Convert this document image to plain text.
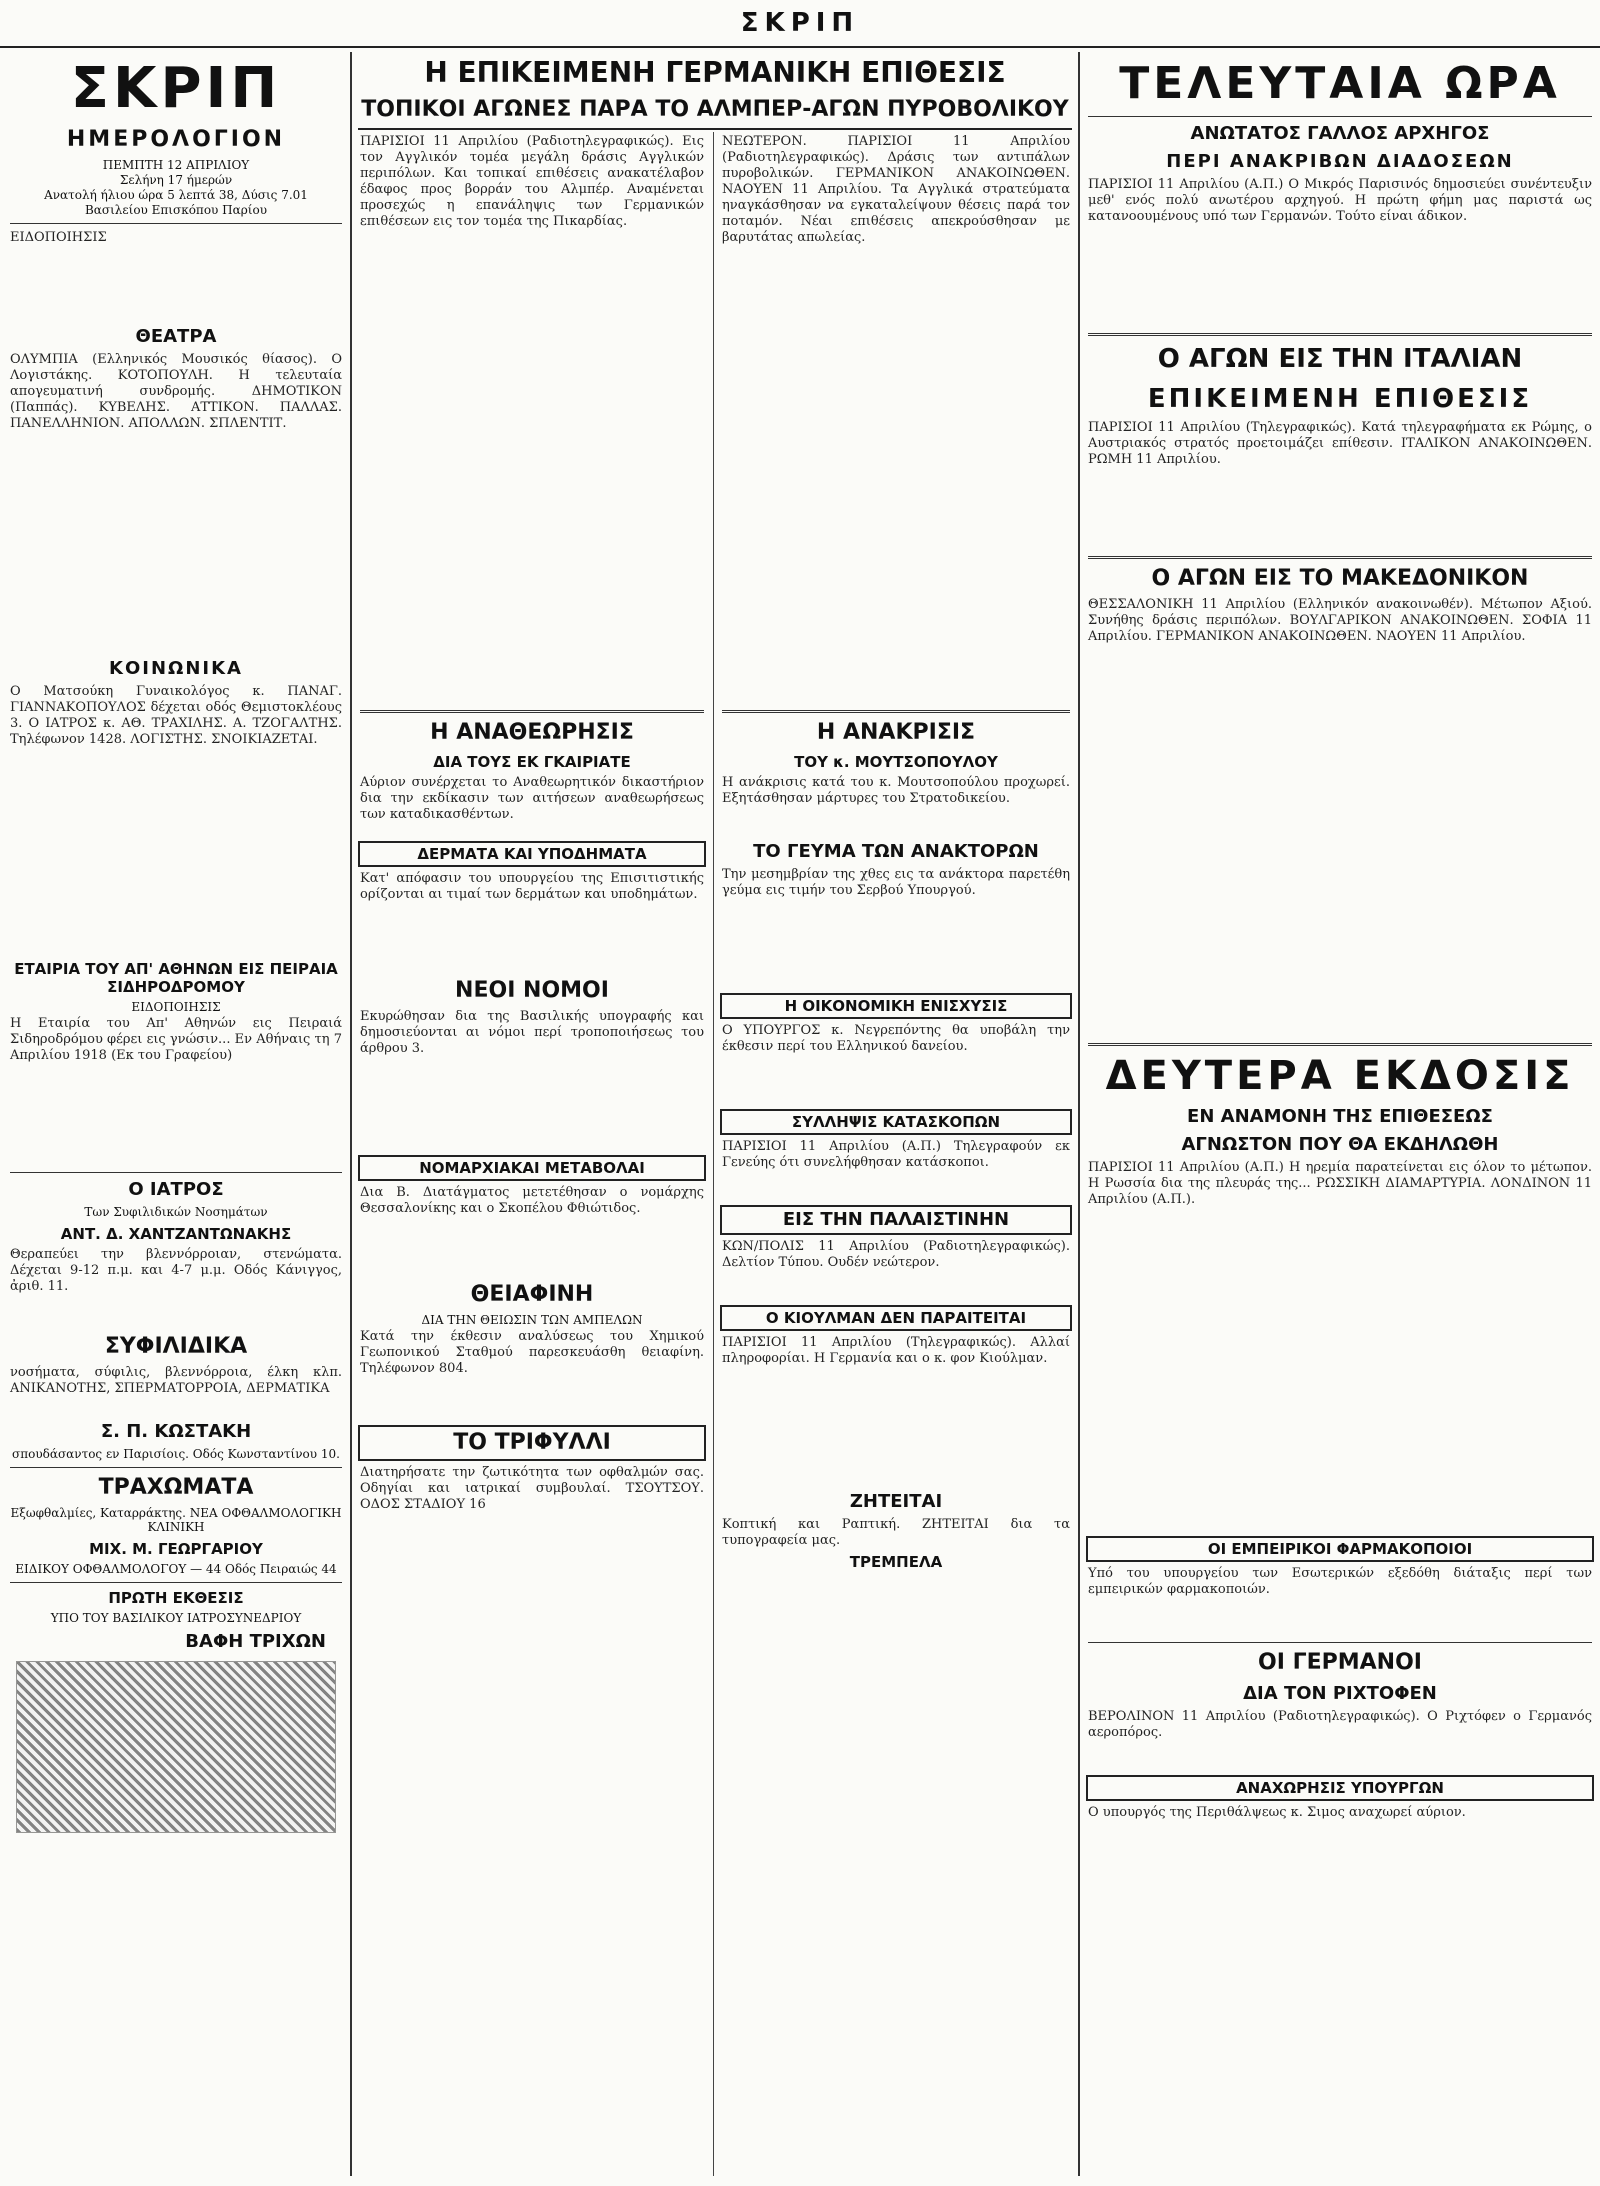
ΣΚΡΙΠ
ΣΚΡΙΠ
ΗΜΕΡΟΛΟΓΙΟΝ
ΠΕΜΠΤΗ 12 ΑΠΡΙΛΙΟΥ
Σελήνη 17 ήμερών
Ανατολή ήλιου ώρα 5 λεπτά 38, Δύσις 7.01
Βασιλείου Επισκόπου Παρίου
ΕΙΔΟΠΟΙΗΣΙΣ
ΘΕΑΤΡΑ
ΟΛΥΜΠΙΑ (Ελληνικός Μουσικός θίασος). Ο Λογιστάκης. ΚΟΤΟΠΟΥΛΗ. Η τελευταία απογευματινή συνδρομής. ΔΗΜΟΤΙΚΟΝ (Παππάς). ΚΥΒΕΛΗΣ. ΑΤΤΙΚΟΝ. ΠΑΛΛΑΣ. ΠΑΝΕΛΛΗΝΙΟΝ. ΑΠΟΛΛΩΝ. ΣΠΛΕΝΤΙΤ.
ΚΟΙΝΩΝΙΚΑ
Ο Ματσούκη Γυναικολόγος κ. ΠΑΝΑΓ. ΓΙΑΝΝΑΚΟΠΟΥΛΟΣ δέχεται οδός Θεμιστοκλέους 3. Ο ΙΑΤΡΟΣ κ. ΑΘ. ΤΡΑΧΙΛΗΣ. Α. ΤΖΟΓΑΛΤΗΣ. Τηλέφωνον 1428. ΛΟΓΙΣΤΗΣ. ΣΝΟΙΚΙΑΖΕΤΑΙ.
ΕΤΑΙΡΙΑ ΤΟΥ ΑΠ' ΑΘΗΝΩΝ ΕΙΣ ΠΕΙΡΑΙΑ ΣΙΔΗΡΟΔΡΟΜΟΥ
ΕΙΔΟΠΟΙΗΣΙΣ
Η Εταιρία του Απ' Αθηνών εις Πειραιά Σιδηροδρόμου φέρει εις γνώσιν... Εν Αθήναις τη 7 Απριλίου 1918 (Εκ του Γραφείου)
Ο ΙΑΤΡΟΣ
Των Συφιλιδικών Νοσημάτων
ΑΝΤ. Δ. ΧΑΝΤΖΑΝΤΩΝΑΚΗΣ
Θεραπεύει την βλεννόρροιαν, στενώματα. Δέχεται 9-12 π.μ. και 4-7 μ.μ. Οδός Κάνιγγος, ἀριθ. 11.
ΣΥΦΙΛΙΔΙΚΑ
νοσήματα, σύφιλις, βλεννόρροια, έλκη κλπ. ΑΝΙΚΑΝΟΤΗΣ, ΣΠΕΡΜΑΤΟΡΡΟΙΑ, ΔΕΡΜΑΤΙΚΑ
Σ. Π. ΚΩΣΤΑΚΗ
σπουδάσαντος εν Παρισίοις. Οδός Κωνσταντίνου 10.
ΤΡΑΧΩΜΑΤΑ
Εξωφθαλμίες, Καταρράκτης. ΝΕΑ ΟΦΘΑΛΜΟΛΟΓΙΚΗ ΚΛΙΝΙΚΗ
ΜΙΧ. Μ. ΓΕΩΡΓΑΡΙΟΥ
ΕΙΔΙΚΟΥ ΟΦΘΑΛΜΟΛΟΓΟΥ — 44 Οδός Πειραιώς 44
ΠΡΩΤΗ ΕΚΘΕΣΙΣ
ΥΠΟ ΤΟΥ ΒΑΣΙΛΙΚΟΥ ΙΑΤΡΟΣΥΝΕΔΡΙΟΥ
ΒΑΦΗ ΤΡΙΧΩΝ
Η ΕΠΙΚΕΙΜΕΝΗ ΓΕΡΜΑΝΙΚΗ ΕΠΙΘΕΣΙΣ
ΤΟΠΙΚΟΙ ΑΓΩΝΕΣ ΠΑΡΑ ΤΟ ΑΛΜΠΕΡ-ΑΓΩΝ ΠΥΡΟΒΟΛΙΚΟΥ
ΠΑΡΙΣΙΟΙ 11 Απριλίου (Ραδιοτηλεγραφικώς). Εις τον Αγγλικόν τομέα μεγάλη δράσις Αγγλικών περιπόλων. Και τοπικαί επιθέσεις ανακατέλαβον έδαφος προς βορράν του Αλμπέρ. Αναμένεται προσεχώς η επανάληψις των Γερμανικών επιθέσεων εις τον τομέα της Πικαρδίας.
Η ΑΝΑΘΕΩΡΗΣΙΣ
ΔΙΑ ΤΟΥΣ ΕΚ ΓΚΑΙΡΙΑΤΕ
Αύριον συνέρχεται το Αναθεωρητικόν δικαστήριον δια την εκδίκασιν των αιτήσεων αναθεωρήσεως των καταδικασθέντων.
ΔΕΡΜΑΤΑ ΚΑΙ ΥΠΟΔΗΜΑΤΑ
Κατ' απόφασιν του υπουργείου της Επισιτιστικής ορίζονται αι τιμαί των δερμάτων και υποδημάτων.
ΝΕΟΙ ΝΟΜΟΙ
Εκυρώθησαν δια της Βασιλικής υπογραφής και δημοσιεύονται αι νόμοι περί τροποποιήσεως του άρθρου 3.
ΝΟΜΑΡΧΙΑΚΑΙ ΜΕΤΑΒΟΛΑΙ
Δια Β. Διατάγματος μετετέθησαν ο νομάρχης Θεσσαλονίκης και ο Σκοπέλου Φθιώτιδος.
ΘΕΙΑΦΙΝΗ
ΔΙΑ ΤΗΝ ΘΕΙΩΣΙΝ ΤΩΝ ΑΜΠΕΛΩΝ
Κατά την έκθεσιν αναλύσεως του Χημικού Γεωπονικού Σταθμού παρεσκευάσθη θειαφίνη. Τηλέφωνον 804.
ΤΟ ΤΡΙΦΥΛΛΙ
Διατηρήσατε την ζωτικότητα των οφθαλμών σας. Οδηγίαι και ιατρικαί συμβουλαί. ΤΣΟΥΤΣΟΥ. ΟΔΟΣ ΣΤΑΔΙΟΥ 16
ΝΕΩΤΕΡΟΝ. ΠΑΡΙΣΙΟΙ 11 Απριλίου (Ραδιοτηλεγραφικώς). Δράσις των αντιπάλων πυροβολικών. ΓΕΡΜΑΝΙΚΟΝ ΑΝΑΚΟΙΝΩΘΕΝ. ΝΑΟΥΕΝ 11 Απριλίου. Τα Αγγλικά στρατεύματα ηναγκάσθησαν να εγκαταλείψουν θέσεις παρά τον ποταμόν. Νέαι επιθέσεις απεκρούσθησαν με βαρυτάτας απωλείας.
Η ΑΝΑΚΡΙΣΙΣ
ΤΟΥ κ. ΜΟΥΤΣΟΠΟΥΛΟΥ
Η ανάκρισις κατά του κ. Μουτσοπούλου προχωρεί. Εξητάσθησαν μάρτυρες του Στρατοδικείου.
ΤΟ ΓΕΥΜΑ ΤΩΝ ΑΝΑΚΤΟΡΩΝ
Την μεσημβρίαν της χθες εις τα ανάκτορα παρετέθη γεύμα εις τιμήν του Σερβού Υπουργού.
Η ΟΙΚΟΝΟΜΙΚΗ ΕΝΙΣΧΥΣΙΣ
Ο ΥΠΟΥΡΓΟΣ κ. Νεγρεπόντης θα υποβάλη την έκθεσιν περί του Ελληνικού δανείου.
ΣΥΛΛΗΨΙΣ ΚΑΤΑΣΚΟΠΩΝ
ΠΑΡΙΣΙΟΙ 11 Απριλίου (Α.Π.) Τηλεγραφούν εκ Γενεύης ότι συνελήφθησαν κατάσκοποι.
ΕΙΣ ΤΗΝ ΠΑΛΑΙΣΤΙΝΗΝ
ΚΩΝ/ΠΟΛΙΣ 11 Απριλίου (Ραδιοτηλεγραφικώς). Δελτίον Τύπου. Ουδέν νεώτερον.
Ο ΚΙΟΥΛΜΑΝ ΔΕΝ ΠΑΡΑΙΤΕΙΤΑΙ
ΠΑΡΙΣΙΟΙ 11 Απριλίου (Τηλεγραφικώς). Αλλαί πληροφορίαι. Η Γερμανία και ο κ. φον Κιούλμαν.
ΖΗΤΕΙΤΑΙ
Κοπτική και Ραπτική. ΖΗΤΕΙΤΑΙ δια τα τυπογραφεία μας.
ΤΡΕΜΠΕΛΑ
ΤΕΛΕΥΤΑΙΑ ΩΡΑ
ΑΝΩΤΑΤΟΣ ΓΑΛΛΟΣ ΑΡΧΗΓΟΣ
ΠΕΡΙ ΑΝΑΚΡΙΒΩΝ ΔΙΑΔΟΣΕΩΝ
ΠΑΡΙΣΙΟΙ 11 Απριλίου (Α.Π.) Ο Μικρός Παρισινός δημοσιεύει συνέντευξιν μεθ' ενός πολύ ανωτέρου αρχηγού. Η πρώτη φήμη μας παριστά ως κατανοουμένους υπό των Γερμανών. Τούτο είναι άδικον.
Ο ΑΓΩΝ ΕΙΣ ΤΗΝ ΙΤΑΛΙΑΝ
ΕΠΙΚΕΙΜΕΝΗ ΕΠΙΘΕΣΙΣ
ΠΑΡΙΣΙΟΙ 11 Απριλίου (Τηλεγραφικώς). Κατά τηλεγραφήματα εκ Ρώμης, ο Αυστριακός στρατός προετοιμάζει επίθεσιν. ΙΤΑΛΙΚΟΝ ΑΝΑΚΟΙΝΩΘΕΝ. ΡΩΜΗ 11 Απριλίου.
Ο ΑΓΩΝ ΕΙΣ ΤΟ ΜΑΚΕΔΟΝΙΚΟΝ
ΘΕΣΣΑΛΟΝΙΚΗ 11 Απριλίου (Ελληνικόν ανακοινωθέν). Μέτωπον Αξιού. Συνήθης δράσις περιπόλων. ΒΟΥΛΓΑΡΙΚΟΝ ΑΝΑΚΟΙΝΩΘΕΝ. ΣΟΦΙΑ 11 Απριλίου. ΓΕΡΜΑΝΙΚΟΝ ΑΝΑΚΟΙΝΩΘΕΝ. ΝΑΟΥΕΝ 11 Απριλίου.
ΔΕΥΤΕΡΑ ΕΚΔΟΣΙΣ
ΕΝ ΑΝΑΜΟΝΗ ΤΗΣ ΕΠΙΘΕΣΕΩΣ
ΑΓΝΩΣΤΟΝ ΠΟΥ ΘΑ ΕΚΔΗΛΩΘΗ
ΠΑΡΙΣΙΟΙ 11 Απριλίου (Α.Π.) Η ηρεμία παρατείνεται εις όλον το μέτωπον. Η Ρωσσία δια της πλευράς της... ΡΩΣΣΙΚΗ ΔΙΑΜΑΡΤΥΡΙΑ. ΛΟΝΔΙΝΟΝ 11 Απριλίου (Α.Π.).
ΟΙ ΕΜΠΕΙΡΙΚΟΙ ΦΑΡΜΑΚΟΠΟΙΟΙ
Υπό του υπουργείου των Εσωτερικών εξεδόθη διάταξις περί των εμπειρικών φαρμακοποιών.
ΟΙ ΓΕΡΜΑΝΟΙ
ΔΙΑ ΤΟΝ ΡΙΧΤΟΦΕΝ
ΒΕΡΟΛΙΝΟΝ 11 Απριλίου (Ραδιοτηλεγραφικώς). Ο Ριχτόφεν ο Γερμανός αεροπόρος.
ΑΝΑΧΩΡΗΣΙΣ ΥΠΟΥΡΓΩΝ
Ο υπουργός της Περιθάλψεως κ. Σιμος αναχωρεί αύριον.
